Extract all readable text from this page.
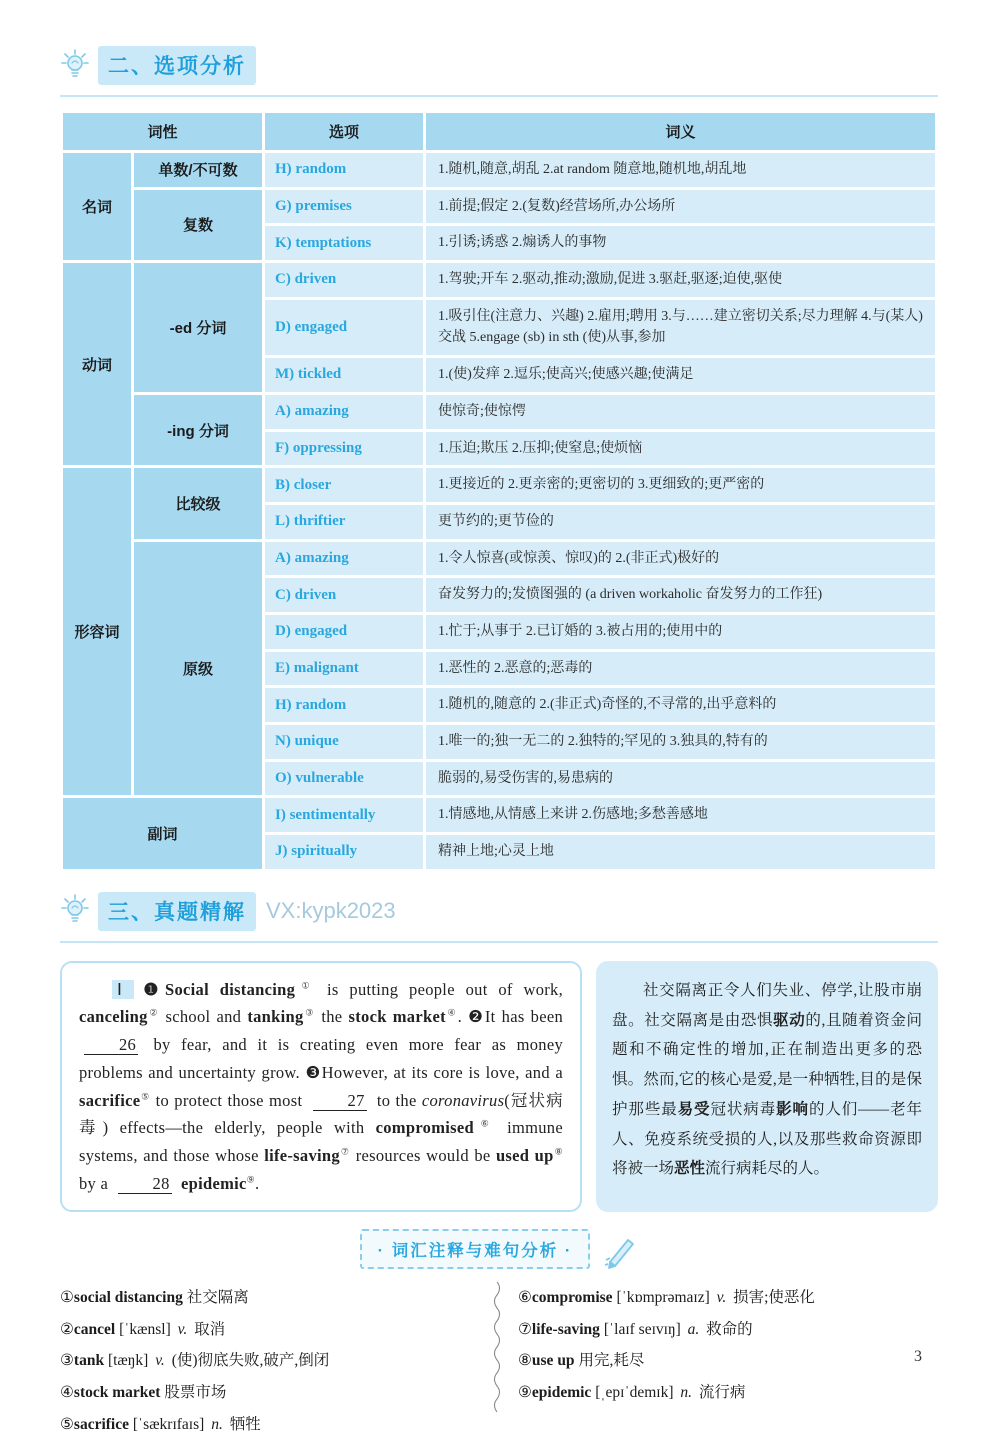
二、选项分析
词性		选项	词义
名词	单数/不可数	H) random	1.随机,随意,胡乱 2.at random 随意地,随机地,胡乱地
	复数	G) premises	1.前提;假定 2.(复数)经营场所,办公场所
		K) temptations	1.引诱;诱惑 2.煽诱人的事物
动词	-ed 分词	C) driven	1.驾驶;开车 2.驱动,推动;激励,促进 3.驱赶,驱逐;迫使,驱使
		D) engaged	1.吸引住(注意力、兴趣) 2.雇用;聘用 3.与……建立密切关系;尽力理解 4.与(某人)交战 5.engage (sb) in sth (使)从事,参加
		M) tickled	1.(使)发痒 2.逗乐;使高兴;使感兴趣;使满足
	-ing 分词	A) amazing	使惊奇;使惊愕
		F) oppressing	1.压迫;欺压 2.压抑;使窒息;使烦恼
形容词	比较级	B) closer	1.更接近的 2.更亲密的;更密切的 3.更细致的;更严密的
		L) thriftier	更节约的;更节俭的
	原级	A) amazing	1.令人惊喜(或惊羡、惊叹)的 2.(非正式)极好的
		C) driven	奋发努力的;发愤图强的 (a driven workaholic 奋发努力的工作狂)
		D) engaged	1.忙于;从事于 2.已订婚的 3.被占用的;使用中的
		E) malignant	1.恶性的 2.恶意的;恶毒的
		H) random	1.随机的,随意的 2.(非正式)奇怪的,不寻常的,出乎意料的
		N) unique	1.唯一的;独一无二的 2.独特的;罕见的 3.独具的,特有的
		O) vulnerable	脆弱的,易受伤害的,易患病的
副词		I) sentimentally	1.情感地,从情感上来讲 2.伤感地;多愁善感地
		J) spiritually	精神上地;心灵上地
三、真题精解 VX:kypk2023

Ⅰ ❶Social distancing① is putting people out of work, canceling② school and tanking③ the stock market④. ❷It has been 26 by fear, and it is creating even more fear as money problems and uncertainty grow. ❸However, at its core is love, and a sacrifice⑤ to protect those most 27 to the coronavirus(冠状病毒) effects—the elderly, people with compromised⑥ immune systems, and those whose life-saving⑦ resources would be used up⑧ by a 28 epidemic⑨.

社交隔离正令人们失业、停学,让股市崩盘。社交隔离是由恐惧驱动的,且随着资金问题和不确定性的增加,正在制造出更多的恐惧。然而,它的核心是爱,是一种牺牲,目的是保护那些最易受冠状病毒影响的人们——老年人、免疫系统受损的人,以及那些救命资源即将被一场恶性流行病耗尽的人。

· 词汇注释与难句分析 ·
①social distancing 社交隔离
②cancel [ˈkænsl] v. 取消
③tank [tæŋk] v. (使)彻底失败,破产,倒闭
④stock market 股票市场
⑤sacrifice [ˈsækrɪfaɪs] n. 牺牲
⑥compromise [ˈkɒmprəmaɪz] v. 损害;使恶化
⑦life-saving [ˈlaɪf seɪvɪŋ] a. 救命的
⑧use up 用完,耗尽
⑨epidemic [ˌepɪˈdemɪk] n. 流行病
3
